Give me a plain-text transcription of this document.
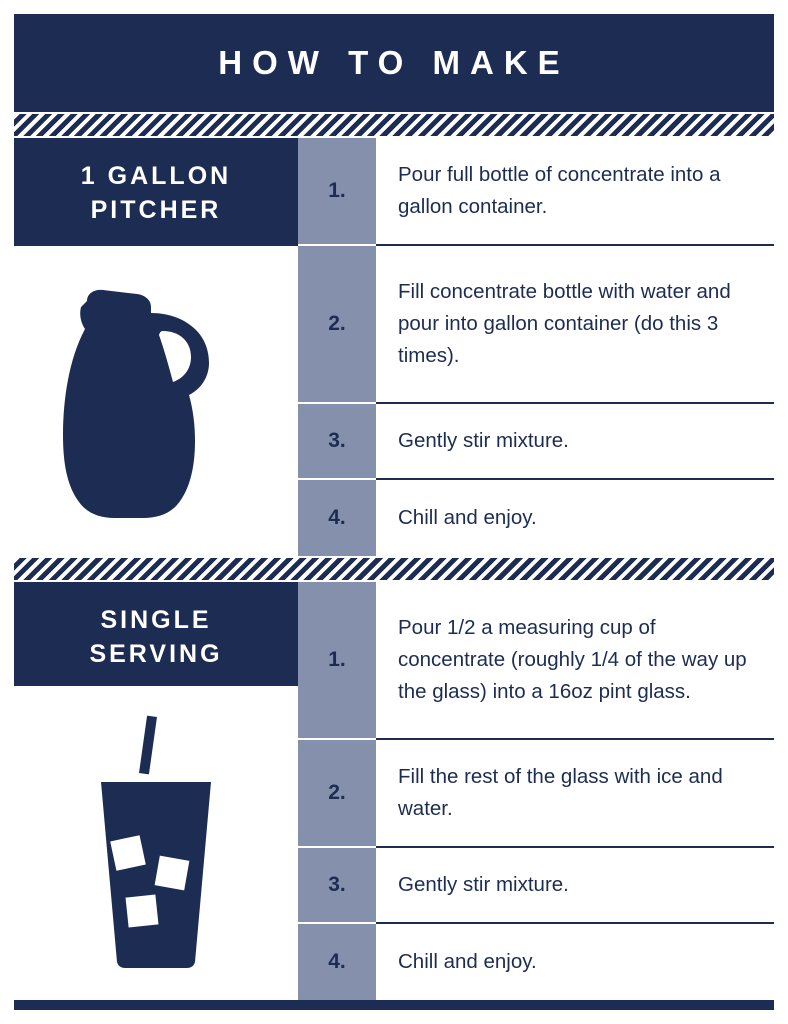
HOW TO MAKE
1 GALLON
PITCHER
1.
2.
3.
4.
Pour full bottle of concentrate into a gallon container.
Fill concentrate bottle with water and pour into gallon container (do this 3 times).
Gently stir mixture.
Chill and enjoy.
SINGLE
SERVING	1.
2.
3.
4.
Pour 1/2 a measuring cup of concentrate (roughly 1/4 of the way up the glass) into a 16oz pint glass.
Fill the rest of the glass with ice and water.
Gently stir mixture.
Chill and enjoy.
